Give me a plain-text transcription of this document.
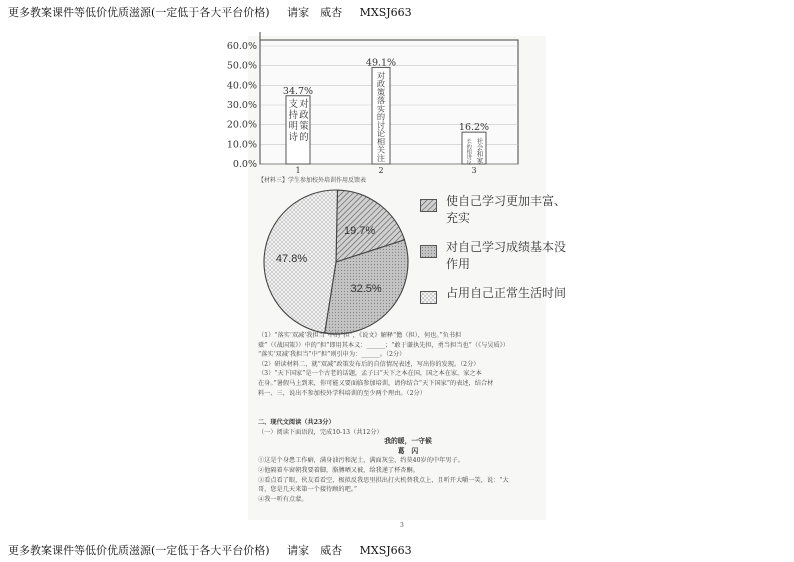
更多教案课件等低价优质滋源(一定低于各大平台价格) 请家　威杏 MXSJ663
0.0%
10.0%
20.0%
30.0%
40.0%
50.0%
60.0%
34.7%
支
持
明
诗
对
政
策
的
1
49.1%
对
政
策
落
实
的
讨
论
相
关
注
2
16.2%
长
的
相
讲
反
社
会
和
家
3
【材料三】学生参加校外培训作用反馈表
19.7%
32.5%
47.8%
使自己学习更加丰富、充实
对自己学习成绩基本没作用
占用自己正常生活时间

（1）“落实‘双减’我担当”中的“担”，《说文》解释“儋（担），何也。”负书担

橐”（《战国策》）中的“担”即用其本义：______；“敢于谦执先担，勇当担当也”（《与吴质》）

“落实‘双减’我担当”中“担”则引申为：______。（2分）

（2）研读材料二，就“双减”政策发布后的自信情况表述，写出你的发现。（2分）

（3）“天下国家”是一个古老的话题，孟子曰“天下之本在国，国之本在家，家之本

在身。”暑假马上到来，你可能又要面临参加培训，请你结合“天下国家”的表述，结合材

料一、三，说出不参加校外学科培训的至少两个理由。（2分）

二、现代文阅读（共23分）

（一）阅读下面语段，完成10-13（共12分）

我的暖，一守候

葛　闪

①这是个身患工作癖，满身油污和泥土，满面灰尘，约莫40岁的中年男子。

②他隔着车窗朝我要着脚，胳膊晒又被，给我递了杯杏酮。

③看点看了眼，伙友看看空，极拟反我思里拱出打火机替我点上，且听开大嚼一笑，说：“大

哥，您是几天来第一个接待顾的吧。”

④我一听有点蒙。

3
更多教案课件等低价优质滋源(一定低于各大平台价格) 请家　威杏 MXSJ663
